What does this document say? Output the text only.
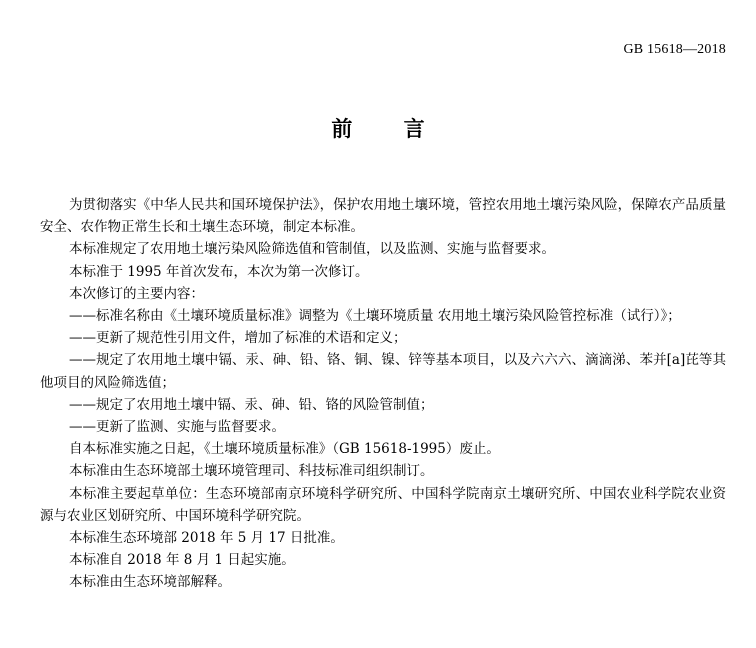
GB 15618—2018
前 言

为贯彻落实《中华人民共和国环境保护法》，保护农用地土壤环境，管控农用地土壤污染风险，保障农产品质量安全、农作物正常生长和土壤生态环境，制定本标准。

本标准规定了农用地土壤污染风险筛选值和管制值，以及监测、实施与监督要求。

本标准于 1995 年首次发布，本次为第一次修订。

本次修订的主要内容：

——标准名称由《土壤环境质量标准》调整为《土壤环境质量 农用地土壤污染风险管控标准（试行）》；

——更新了规范性引用文件，增加了标准的术语和定义；

——规定了农用地土壤中镉、汞、砷、铅、铬、铜、镍、锌等基本项目，以及六六六、滴滴涕、苯并[a]芘等其他项目的风险筛选值；

——规定了农用地土壤中镉、汞、砷、铅、铬的风险管制值；

——更新了监测、实施与监督要求。

自本标准实施之日起，《土壤环境质量标准》（GB 15618-1995）废止。

本标准由生态环境部土壤环境管理司、科技标准司组织制订。

本标准主要起草单位：生态环境部南京环境科学研究所、中国科学院南京土壤研究所、中国农业科学院农业资源与农业区划研究所、中国环境科学研究院。

本标准生态环境部 2018 年 5 月 17 日批准。

本标准自 2018 年 8 月 1 日起实施。

本标准由生态环境部解释。
